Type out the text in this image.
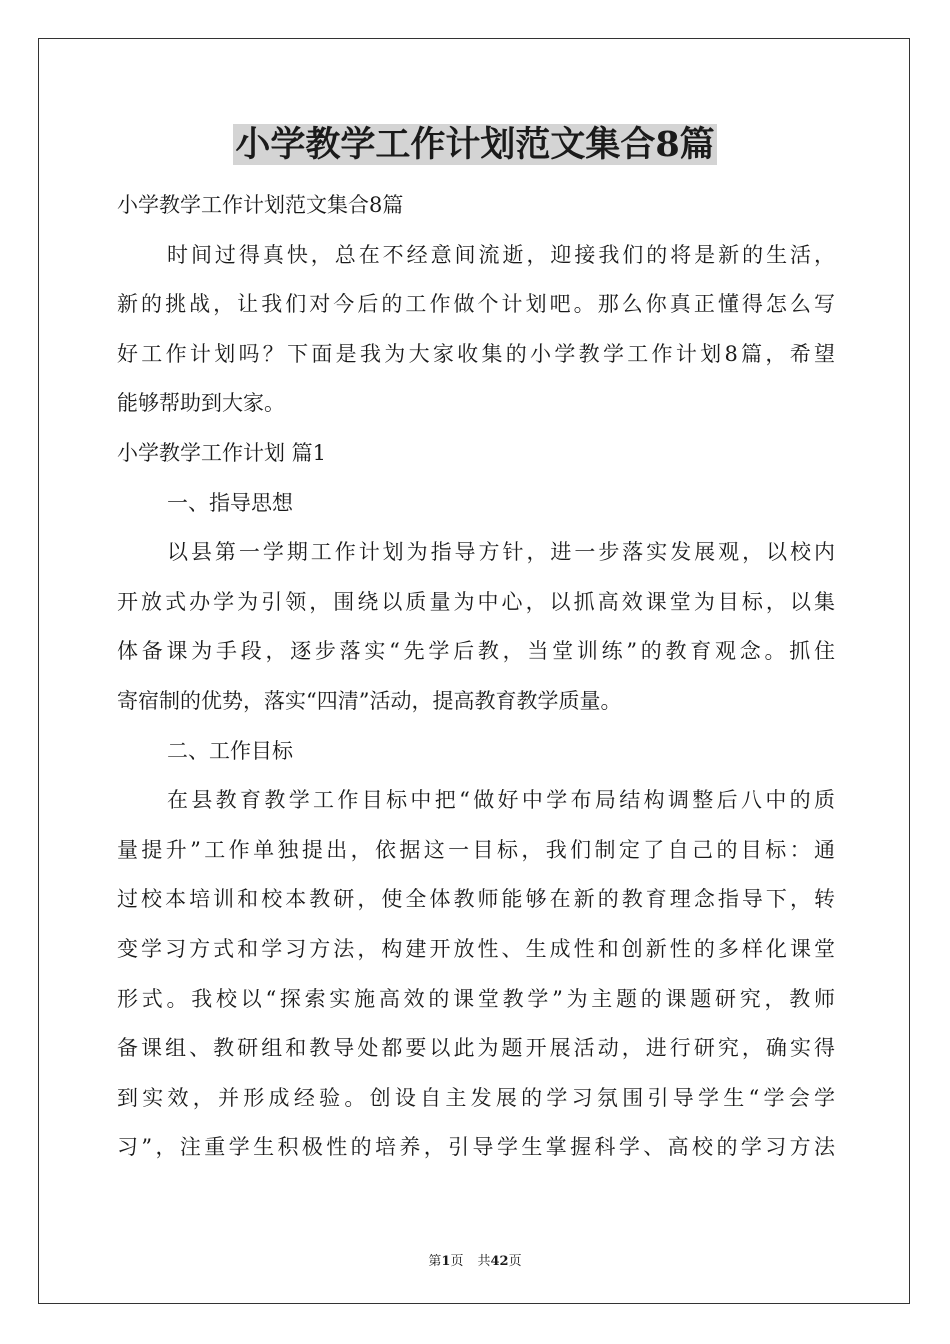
小学教学工作计划范文集合8篇
小学教学工作计划范文集合8篇
时间过得真快，总在不经意间流逝，迎接我们的将是新的生活，
新的挑战，让我们对今后的工作做个计划吧。那么你真正懂得怎么写
好工作计划吗？下面是我为大家收集的小学教学工作计划8篇，希望
能够帮助到大家。
小学教学工作计划 篇1
一、指导思想
以县第一学期工作计划为指导方针，进一步落实发展观，以校内
开放式办学为引领，围绕以质量为中心，以抓高效课堂为目标，以集
体备课为手段，逐步落实“先学后教，当堂训练”的教育观念。抓住
寄宿制的优势，落实“四清”活动，提高教育教学质量。
二、工作目标
在县教育教学工作目标中把“做好中学布局结构调整后八中的质
量提升”工作单独提出，依据这一目标，我们制定了自己的目标：通
过校本培训和校本教研，使全体教师能够在新的教育理念指导下，转
变学习方式和学习方法，构建开放性、生成性和创新性的多样化课堂
形式。我校以“探索实施高效的课堂教学”为主题的课题研究，教师
备课组、教研组和教导处都要以此为题开展活动，进行研究，确实得
到实效，并形成经验。创设自主发展的学习氛围引导学生“学会学
习”，注重学生积极性的培养，引导学生掌握科学、高校的学习方法
第1页 共42页
